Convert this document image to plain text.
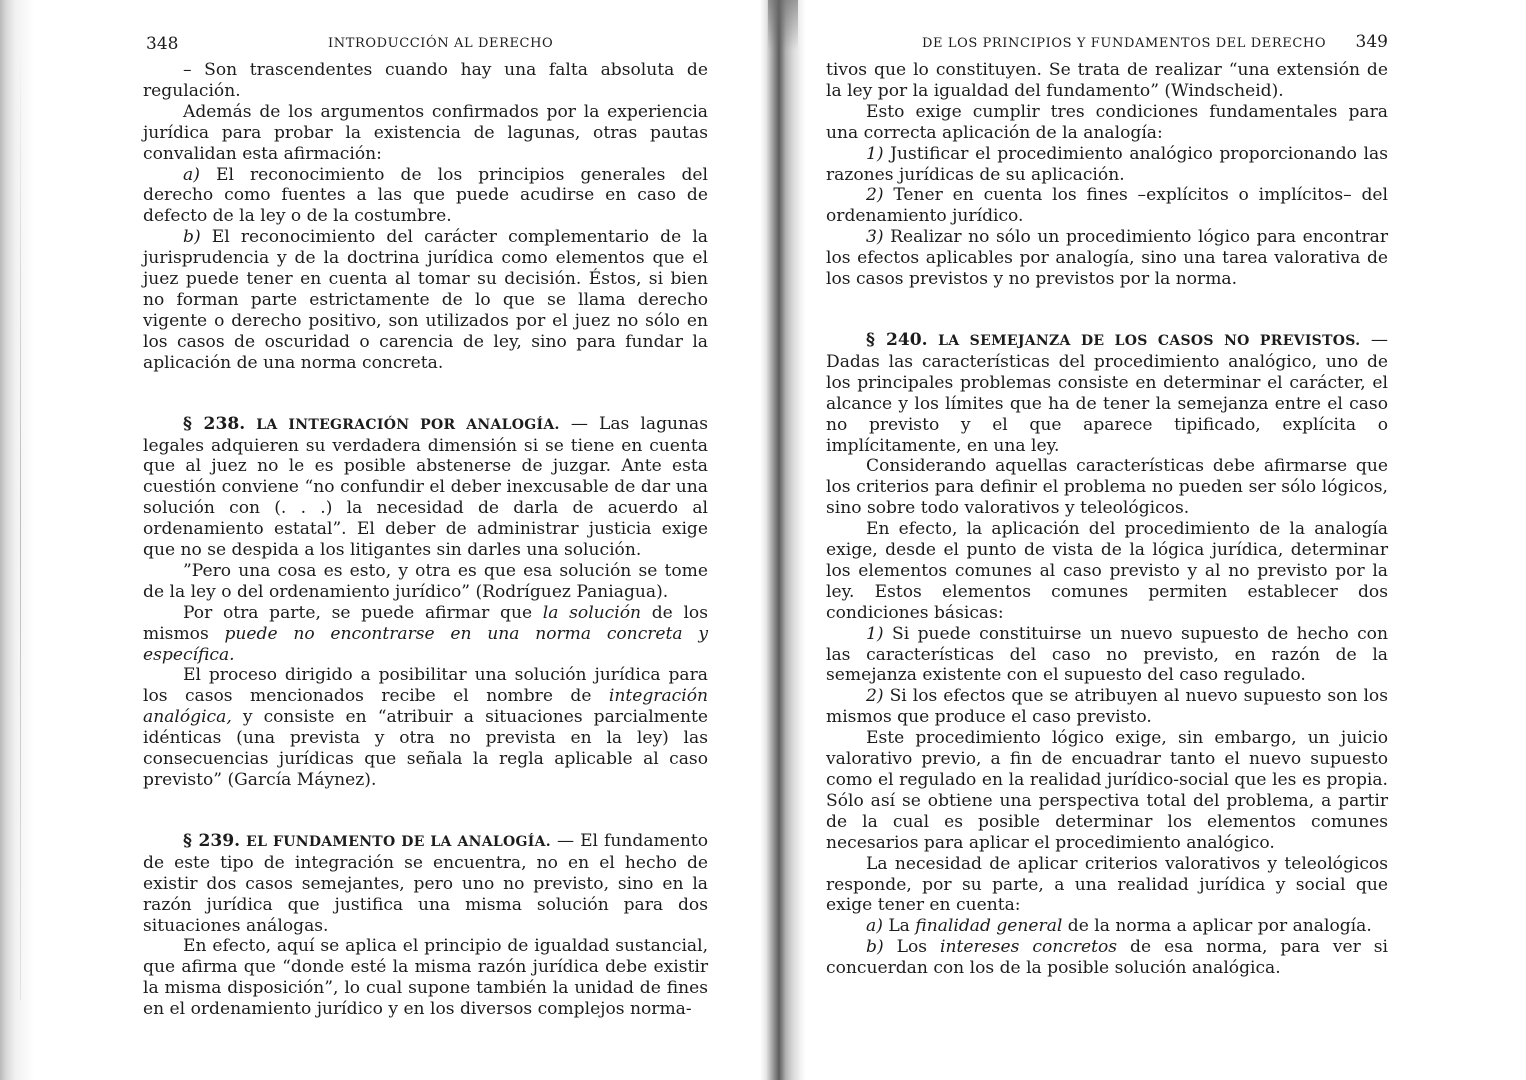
348	INTRODUCCIÓN AL DERECHO

– Son trascendentes cuando hay una falta absoluta de regulación.

Además de los argumentos confirmados por la experiencia jurídica para probar la existencia de lagunas, otras pautas convalidan esta afirmación:

a) El reconocimiento de los principios generales del derecho como fuentes a las que puede acudirse en caso de defecto de la ley o de la costumbre.

b) El reconocimiento del carácter complementario de la jurisprudencia y de la doctrina jurídica como elementos que el juez puede tener en cuenta al tomar su decisión. Éstos, si bien no forman parte estrictamente de lo que se llama derecho vigente o derecho positivo, son utilizados por el juez no sólo en los casos de oscuridad o carencia de ley, sino para fundar la aplicación de una norma concreta.

§ 238. LA INTEGRACIÓN POR ANALOGÍA. — Las lagunas legales adquieren su verdadera dimensión si se tiene en cuenta que al juez no le es posible abstenerse de juzgar. Ante esta cuestión conviene “no confundir el deber inexcusable de dar una solución con (. . .) la necesidad de darla de acuerdo al ordenamiento estatal”. El deber de administrar justicia exige que no se despida a los litigantes sin darles una solución.

”Pero una cosa es esto, y otra es que esa solución se tome de la ley o del ordenamiento jurídico” (Rodríguez Paniagua).

Por otra parte, se puede afirmar que la solución de los mismos puede no encontrarse en una norma concreta y específica.

El proceso dirigido a posibilitar una solución jurídica para los casos mencionados recibe el nombre de integración analógica, y consiste en “atribuir a situaciones parcialmente idénticas (una prevista y otra no prevista en la ley) las consecuencias jurídicas que señala la regla aplicable al caso previsto” (García Máynez).

§ 239. EL FUNDAMENTO DE LA ANALOGÍA. — El fundamento de este tipo de integración se encuentra, no en el hecho de existir dos casos semejantes, pero uno no previsto, sino en la razón jurídica que justifica una misma solución para dos situaciones análogas.

En efecto, aquí se aplica el principio de igualdad sustancial, que afirma que “donde esté la misma razón jurídica debe existir la misma disposición”, lo cual supone también la unidad de fines en el ordenamiento jurídico y en los diversos complejos norma-

DE LOS PRINCIPIOS Y FUNDAMENTOS DEL DERECHO 349

tivos que lo constituyen. Se trata de realizar “una extensión de la ley por la igualdad del fundamento” (Windscheid).

Esto exige cumplir tres condiciones fundamentales para una correcta aplicación de la analogía:

1) Justificar el procedimiento analógico proporcionando las razones jurídicas de su aplicación.

2) Tener en cuenta los fines –explícitos o implícitos– del ordenamiento jurídico.

3) Realizar no sólo un procedimiento lógico para encontrar los efectos aplicables por analogía, sino una tarea valorativa de los casos previstos y no previstos por la norma.

§ 240. LA SEMEJANZA DE LOS CASOS NO PREVISTOS. — Dadas las características del procedimiento analógico, uno de los principales problemas consiste en determinar el carácter, el alcance y los límites que ha de tener la semejanza entre el caso no previsto y el que aparece tipificado, explícita o implícitamente, en una ley.

Considerando aquellas características debe afirmarse que los criterios para definir el problema no pueden ser sólo lógicos, sino sobre todo valorativos y teleológicos.

En efecto, la aplicación del procedimiento de la analogía exige, desde el punto de vista de la lógica jurídica, determinar los elementos comunes al caso previsto y al no previsto por la ley. Estos elementos comunes permiten establecer dos condiciones básicas:

1) Si puede constituirse un nuevo supuesto de hecho con las características del caso no previsto, en razón de la semejanza existente con el supuesto del caso regulado.

2) Si los efectos que se atribuyen al nuevo supuesto son los mismos que produce el caso previsto.

Este procedimiento lógico exige, sin embargo, un juicio valorativo previo, a fin de encuadrar tanto el nuevo supuesto como el regulado en la realidad jurídico-social que les es propia. Sólo así se obtiene una perspectiva total del problema, a partir de la cual es posible determinar los elementos comunes necesarios para aplicar el procedimiento analógico.

La necesidad de aplicar criterios valorativos y teleológicos responde, por su parte, a una realidad jurídica y social que exige tener en cuenta:

a) La finalidad general de la norma a aplicar por analogía.

b) Los intereses concretos de esa norma, para ver si concuerdan con los de la posible solución analógica.
